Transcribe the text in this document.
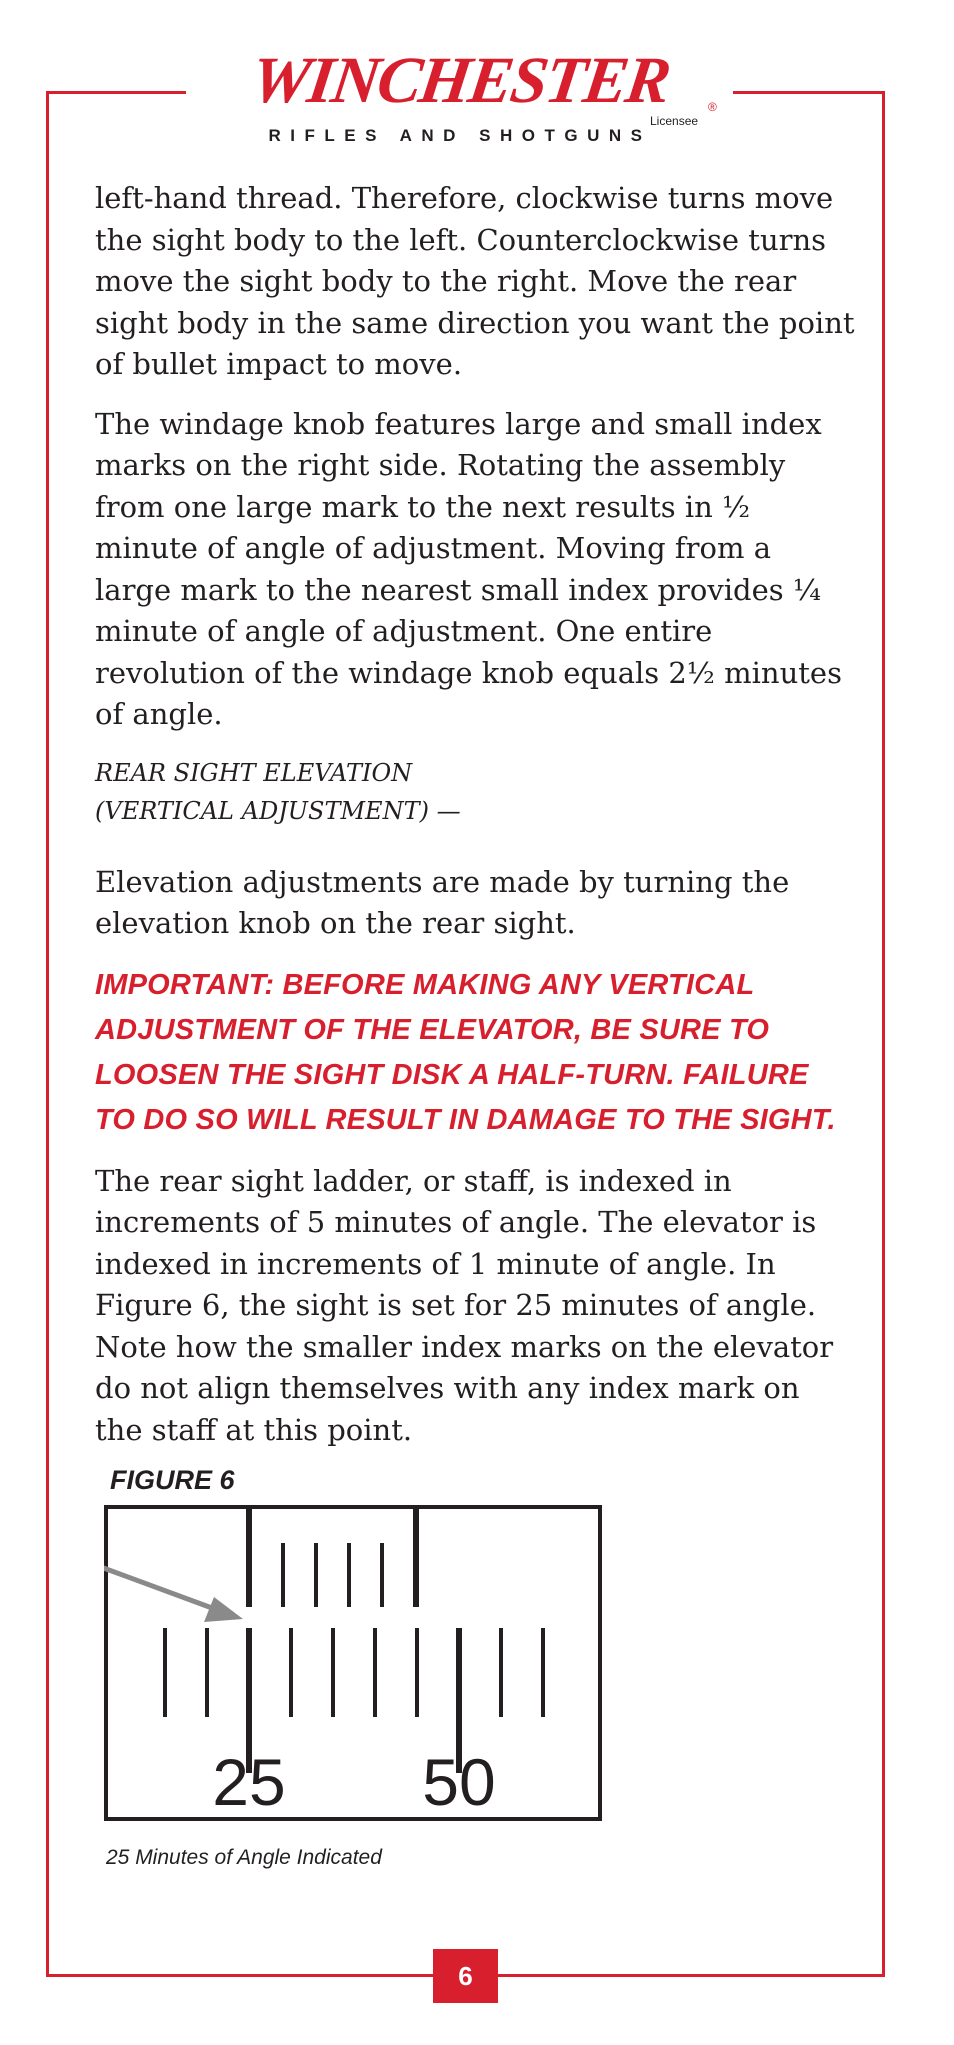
WINCHESTER	®
Licensee
RIFLES AND SHOTGUNS

left-hand thread. Therefore, clockwise turns move the sight body to the left. Counterclockwise turns move the sight body to the right. Move the rear sight body in the same direction you want the point of bullet impact to move.

The windage knob features large and small index marks on the right side. Rotating the assembly from one large mark to the next results in ½ minute of angle of adjustment. Moving from a large mark to the nearest small index provides ¼ minute of angle of adjustment. One entire revolution of the windage knob equals 2½ minutes of angle.

REAR SIGHT ELEVATION
(VERTICAL ADJUSTMENT) —

Elevation adjustments are made by turning the elevation knob on the rear sight.

IMPORTANT: BEFORE MAKING ANY VERTICAL ADJUSTMENT OF THE ELEVATOR, BE SURE TO LOOSEN THE SIGHT DISK A HALF-TURN. FAILURE TO DO SO WILL RESULT IN DAMAGE TO THE SIGHT.

The rear sight ladder, or staff, is indexed in increments of 5 minutes of angle. The elevator is indexed in increments of 1 minute of angle. In Figure 6, the sight is set for 25 minutes of angle. Note how the smaller index marks on the elevator do not align themselves with any index mark on the staff at this point.

FIGURE 6
25 50
25 Minutes of Angle Indicated
6
